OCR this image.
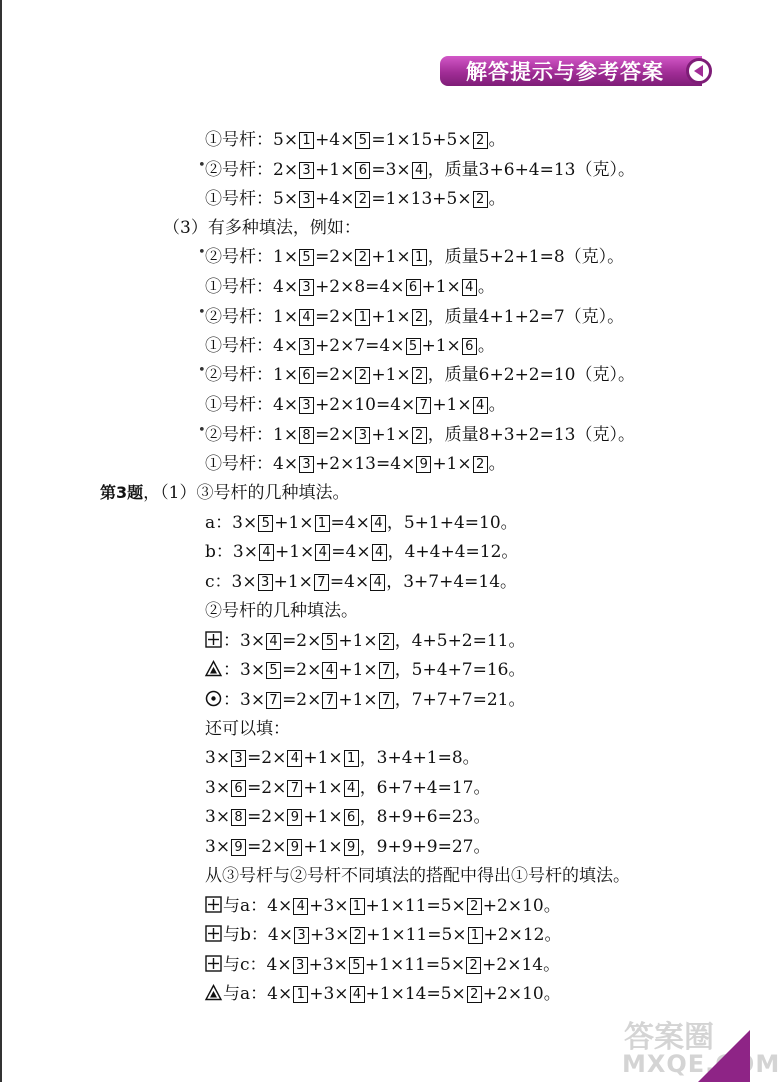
解答提示与参考答案
①号杆：5× 1 +4× 5 =1×15+5× 2 。
• ②号杆：2× 3 +1× 6 =3× 4 ，质量3+6+4=13（克）。
①号杆：5× 3 +4× 2 =1×13+5× 2 。
（3）有多种填法，例如：
• ②号杆：1× 5 =2× 2 +1× 1 ，质量5+2+1=8（克）。
①号杆：4× 3 +2×8=4× 6 +1× 4 。
• ②号杆：1× 4 =2× 1 +1× 2 ，质量4+1+2=7（克）。
①号杆：4× 3 +2×7=4× 5 +1× 6 。
• ②号杆：1× 6 =2× 2 +1× 2 ，质量6+2+2=10（克）。
①号杆：4× 3 +2×10=4× 7 +1× 4 。
• ②号杆：1× 8 =2× 3 +1× 2 ，质量8+3+2=13（克）。
①号杆：4× 3 +2×13=4× 9 +1× 2 。
第3题，（1）③号杆的几种填法。
a：3× 5 +1× 1 =4× 4 ，5+1+4=10。
b：3× 4 +1× 4 =4× 4 ，4+4+4=12。
c：3× 3 +1× 7 =4× 4 ，3+7+4=14。
②号杆的几种填法。
：3× 4 =2× 5 +1× 2 ，4+5+2=11。
：3× 5 =2× 4 +1× 7 ，5+4+7=16。
：3× 7 =2× 7 +1× 7 ，7+7+7=21。
还可以填：
3× 3 =2× 4 +1× 1 ，3+4+1=8。
3× 6 =2× 7 +1× 4 ，6+7+4=17。
3× 8 =2× 9 +1× 6 ，8+9+6=23。
3× 9 =2× 9 +1× 9 ，9+9+9=27。
从③号杆与②号杆不同填法的搭配中得出①号杆的填法。
与a：4× 4 +3× 1 +1×11=5× 2 +2×10。
与b：4× 3 +3× 2 +1×11=5× 1 +2×12。
与c：4× 3 +3× 5 +1×11=5× 2 +2×14。
与a：4× 1 +3× 4 +1×14=5× 2 +2×10。
答案圈
MXQE.COM
